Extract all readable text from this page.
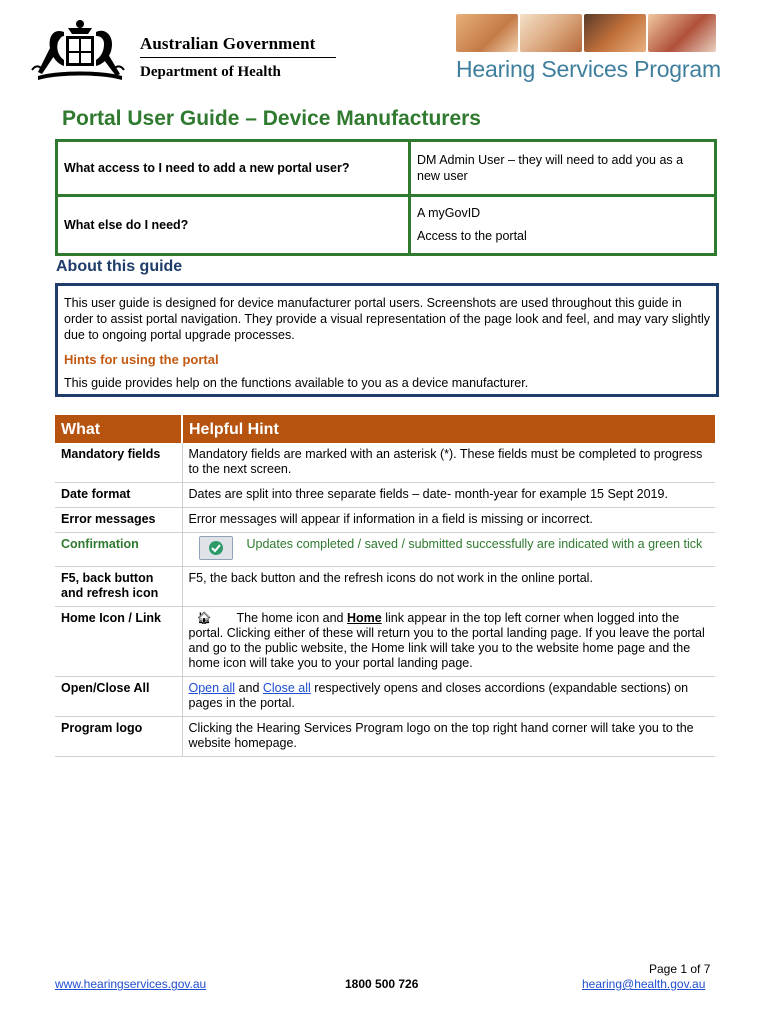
Australian Government
Department of Health	Hearing Services Program
Portal User Guide – Device Manufacturers
What access to I need to add a new portal user?	DM Admin User – they will need to add you as a new user
What else do I need?	A myGovID
Access to the portal
About this guide

This user guide is designed for device manufacturer portal users. Screenshots are used throughout this guide in order to assist portal navigation. They provide a visual representation of the page look and feel, and may vary slightly due to ongoing portal upgrade processes.

Hints for using the portal

This guide provides help on the functions available to you as a device manufacturer.

What	Helpful Hint
Mandatory fields	Mandatory fields are marked with an asterisk (*). These fields must be completed to progress to the next screen.
Date format	Dates are split into three separate fields – date- month-year for example 15 Sept 2019.
Error messages	Error messages will appear if information in a field is missing or incorrect.
Confirmation	Updates completed / saved / submitted successfully are indicated with a green tick

F5, back button and refresh icon	F5, the back button and the refresh icons do not work in the online portal.
Home Icon / Link	🏠︎ The home icon and Home link appear in the top left corner when logged into the portal. Clicking either of these will return you to the portal landing page. If you leave the portal and go to the public website, the Home link will take you to the website home page and the home icon will take you to your portal landing page.
Open/Close All	Open all and Close all respectively opens and closes accordions (expandable sections) on pages in the portal.
Program logo	Clicking the Hearing Services Program logo on the top right hand corner will take you to the website homepage.
Page 1 of 7
www.hearingservices.gov.au	1800 500 726	hearing@health.gov.au
